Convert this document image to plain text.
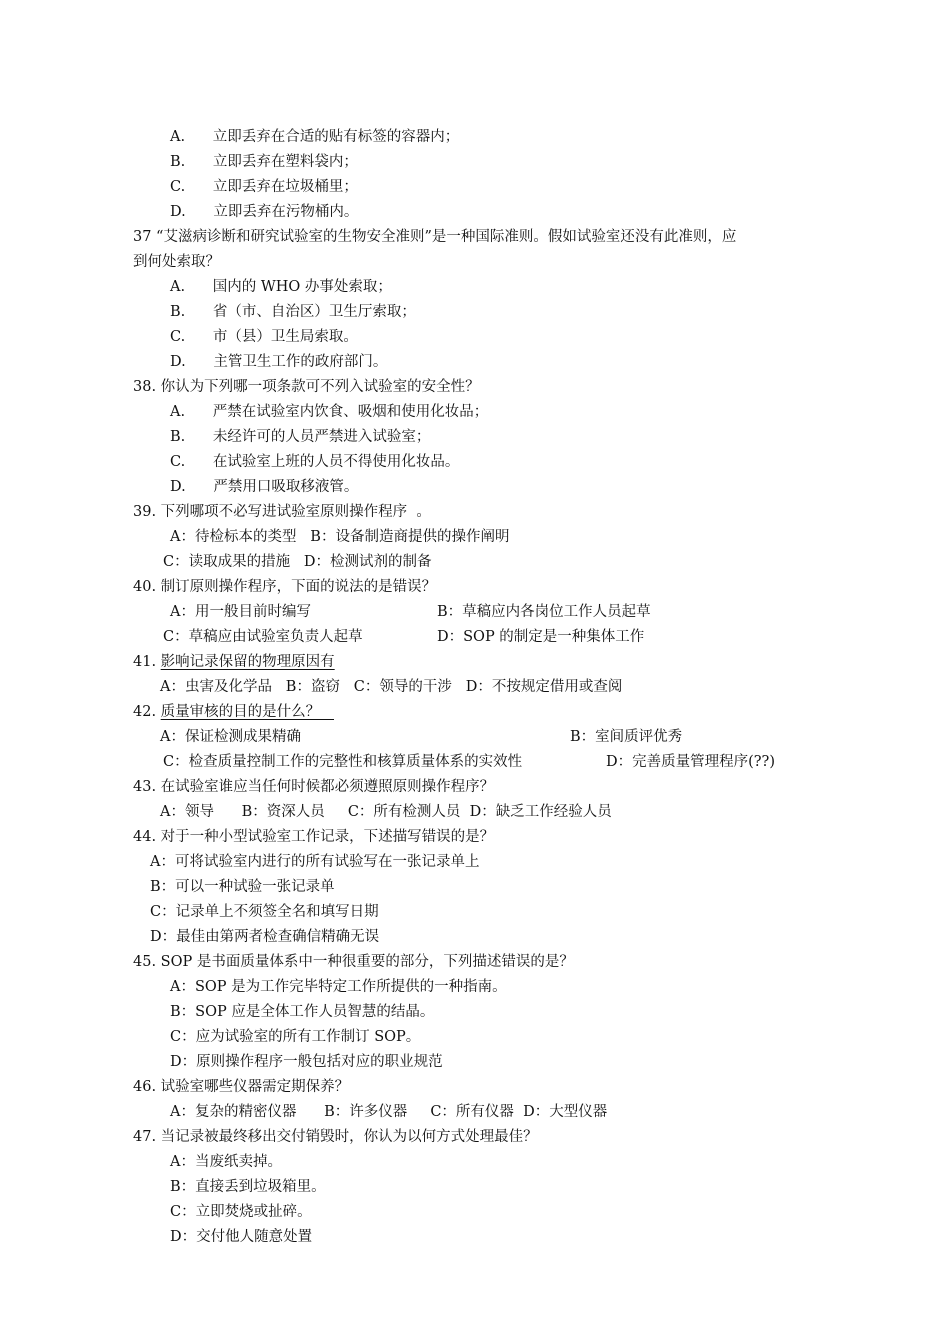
A.      立即丢弃在合适的贴有标签的容器内；
B.      立即丢弃在塑料袋内；
C.      立即丢弃在垃圾桶里；
D.      立即丢弃在污物桶内。
37 “艾滋病诊断和研究试验室的生物安全准则”是一种国际准则。假如试验室还没有此准则，应
到何处索取？
A.      国内的 WHO 办事处索取；
B.      省（市、自治区）卫生厅索取；
C.      市（县）卫生局索取。
D.      主管卫生工作的政府部门。
38. 你认为下列哪一项条款可不列入试验室的安全性？
A.      严禁在试验室内饮食、吸烟和使用化妆品；
B.      未经许可的人员严禁进入试验室；
C.      在试验室上班的人员不得使用化妆品。
D.      严禁用口吸取移液管。
39. 下列哪项不必写进试验室原则操作程序  。
A：待检标本的类型   B：设备制造商提供的操作阐明
C：读取成果的措施   D：检测试剂的制备
40. 制订原则操作程序，下面的说法的是错误？
A：用一般目前时编写	B：草稿应内各岗位工作人员起草
C：草稿应由试验室负责人起草	D：SOP 的制定是一种集体工作
41. 影响记录保留的物理原因有
A：虫害及化学品   B：盗窃   C：领导的干涉   D：不按规定借用或查阅
42. 质量审核的目的是什么？
A：保证检测成果精确	B：室间质评优秀
C：检查质量控制工作的完整性和核算质量体系的实效性	D：完善质量管理程序(??)
43. 在试验室谁应当任何时候都必须遵照原则操作程序？
A：领导      B：资深人员     C：所有检测人员  D：缺乏工作经验人员
44. 对于一种小型试验室工作记录，下述描写错误的是？
A：可将试验室内进行的所有试验写在一张记录单上
B：可以一种试验一张记录单
C：记录单上不须签全名和填写日期
D：最佳由第两者检查确信精确无误
45. SOP 是书面质量体系中一种很重要的部分，下列描述错误的是？
A：SOP 是为工作完毕特定工作所提供的一种指南。
B：SOP 应是全体工作人员智慧的结晶。
C：应为试验室的所有工作制订 SOP。
D：原则操作程序一般包括对应的职业规范
46. 试验室哪些仪器需定期保养？
A：复杂的精密仪器      B：许多仪器     C：所有仪器  D：大型仪器
47. 当记录被最终移出交付销毁时，你认为以何方式处理最佳？
A：当废纸卖掉。
B：直接丢到垃圾箱里。
C：立即焚烧或扯碎。
D：交付他人随意处置
